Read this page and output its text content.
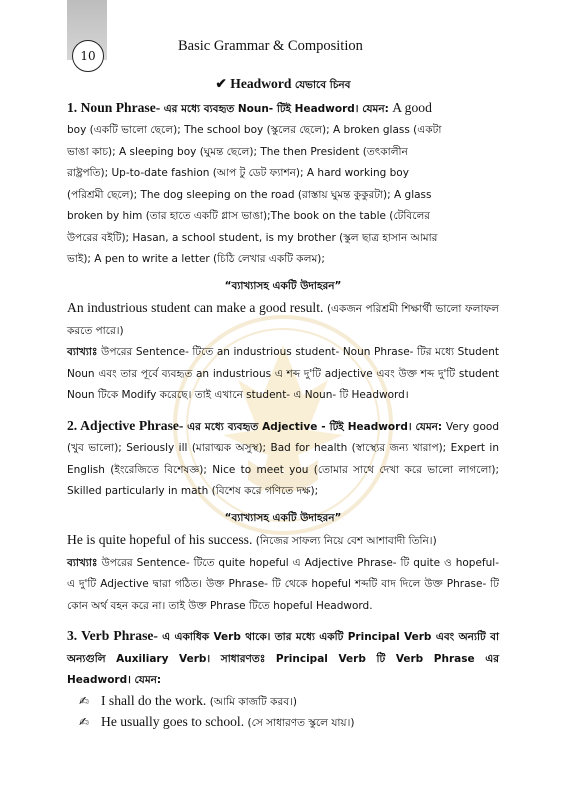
10
Basic Grammar & Composition
✔ Headword যেভাবে চিনব
1. Noun Phrase- এর মধ্যে ব্যবহৃত Noun- টিই Headword। যেমন: A good
boy (একটি ভালো ছেলে); The school boy (স্কুলের ছেলে); A broken glass (একটা
ভাঙা কাচ); A sleeping boy (ঘুমন্ত ছেলে); The then President (তৎকালীন
রাষ্ট্রপতি); Up-to-date fashion (আপ টু ডেট ফ্যাশন); A hard working boy
(পরিশ্রমী ছেলে); The dog sleeping on the road (রাস্তায় ঘুমন্ত কুকুরটা); A glass
broken by him (তার হাতে একটি গ্লাস ভাঙা);The book on the table (টেবিলের
উপরের বইটি); Hasan, a school student, is my brother (স্কুল ছাত্র হাসান আমার
ভাই); A pen to write a letter (চিঠি লেখার একটি কলম);
“ব্যাখ্যাসহ একটি উদাহরন”
An industrious student can make a good result. (একজন পরিশ্রমী শিক্ষার্থী ভালো ফলাফল করতে পারে।)
ব্যাখ্যাঃ উপরের Sentence- টিতে an industrious student- Noun Phrase- টির মধ্যে Student Noun এবং তার পূর্বে ব্যবহৃত an industrious এ শব্দ দু'টি adjective এবং উক্ত শব্দ দু'টি student Noun টিকে Modify করেছে। তাই এখানে student- এ Noun- টি Headword।
2. Adjective Phrase- এর মধ্যে ব্যবহৃত Adjective - টিই Headword। যেমন: Very good (খুব ভালো); Seriously ill (মারাত্মক অসুস্থ); Bad for health (স্বাস্থ্যের জন্য খারাপ); Expert in English (ইংরেজিতে বিশেষজ্ঞ); Nice to meet you (তোমার সাথে দেখা করে ভালো লাগলো); Skilled particularly in math (বিশেষ করে গণিতে দক্ষ);
“ব্যাখ্যাসহ একটি উদাহরন”
He is quite hopeful of his success. (নিজের সাফল্য নিয়ে বেশ আশাবাদী তিনি।)
ব্যাখ্যাঃ উপরের Sentence- টিতে quite hopeful এ Adjective Phrase- টি quite ও hopeful- এ দু'টি Adjective দ্বারা গঠিত। উক্ত Phrase- টি থেকে hopeful শব্দটি বাদ দিলে উক্ত Phrase- টি কোন অর্থ বহন করে না। তাই উক্ত Phrase টিতে hopeful Headword.
3. Verb Phrase- এ একাধিক Verb থাকে। তার মধ্যে একটি Principal Verb এবং অন্যটি বা অন্যগুলি Auxiliary Verb। সাধারণতঃ Principal Verb টি Verb Phrase এর Headword। যেমন:
✍ I shall do the work. (আমি কাজটি করব।)
✍ He usually goes to school. (সে সাধারণত স্কুলে যায়।)
